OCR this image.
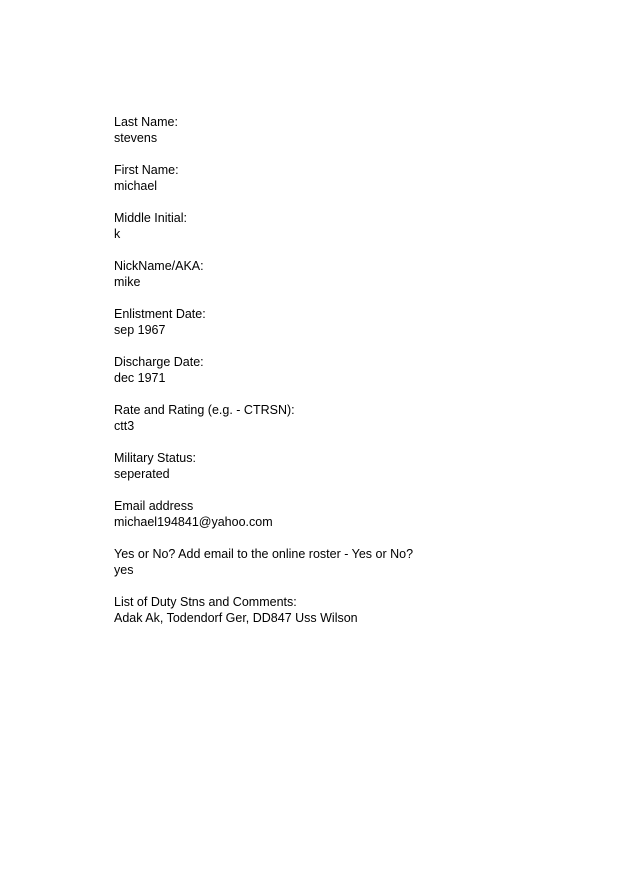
Last Name:
stevens
First Name:
michael
Middle Initial:
k
NickName/AKA:
mike
Enlistment Date:
sep 1967
Discharge Date:
dec 1971
Rate and Rating (e.g. - CTRSN):
ctt3
Military Status:
seperated
Email address
michael194841@yahoo.com
Yes or No? Add email to the online roster - Yes or No?
yes
List of Duty Stns and Comments:
Adak Ak, Todendorf Ger, DD847 Uss Wilson
